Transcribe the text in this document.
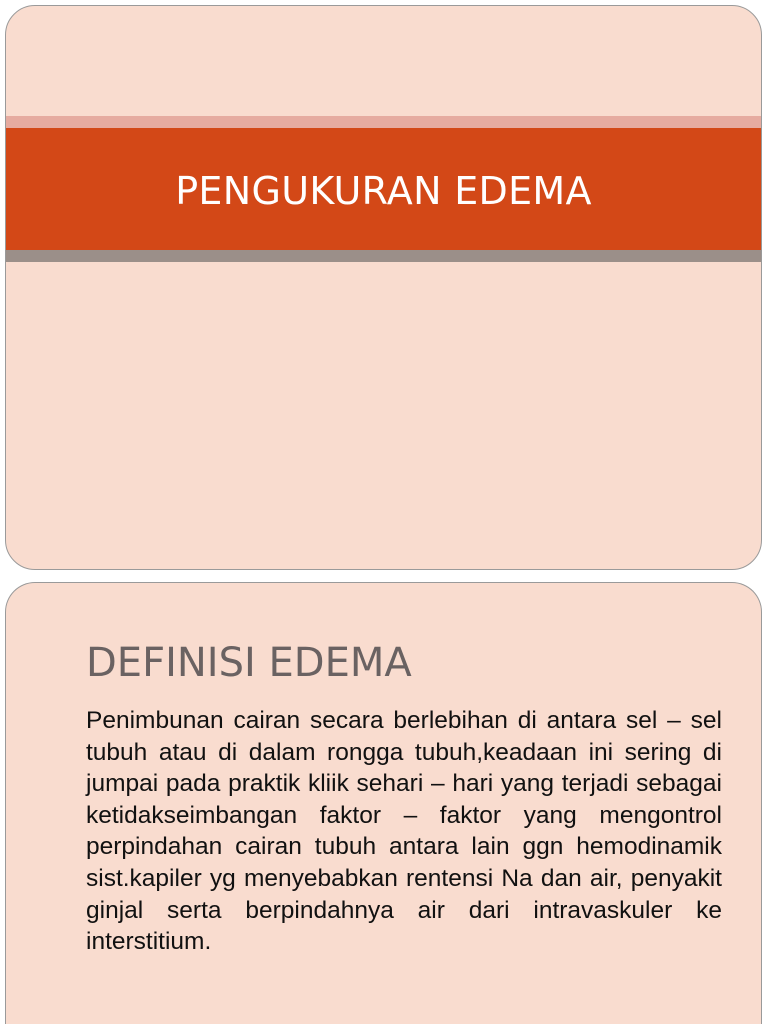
PENGUKURAN EDEMA
DEFINISI EDEMA

Penimbunan cairan secara berlebihan di antara sel – sel tubuh atau di dalam rongga tubuh,keadaan ini sering di jumpai pada praktik kliik sehari – hari yang terjadi sebagai ketidakseimbangan faktor – faktor yang mengontrol perpindahan cairan tubuh antara lain ggn hemodinamik sist.kapiler yg menyebabkan rentensi Na dan air, penyakit ginjal serta berpindahnya air dari intravaskuler ke interstitium.
